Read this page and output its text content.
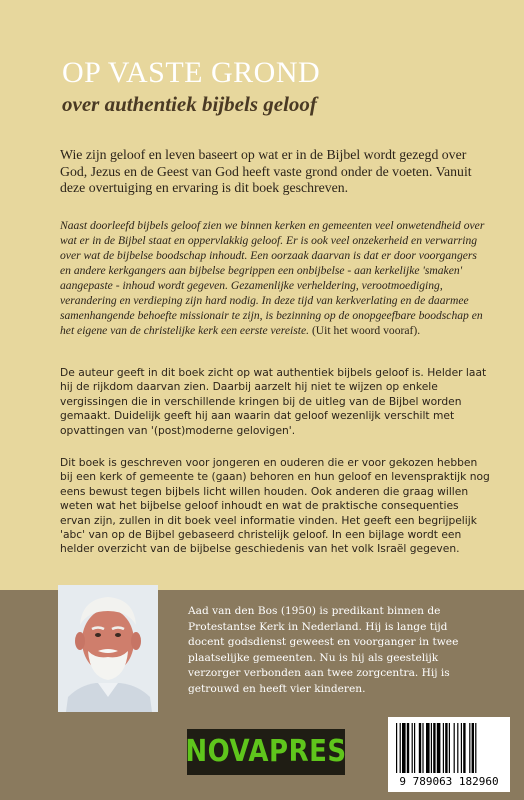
OP VASTE GROND
over authentiek bijbels geloof

Wie zijn geloof en leven baseert op wat er in de Bijbel wordt gezegd over God, Jezus en de Geest van God heeft vaste grond onder de voeten. Vanuit deze overtuiging en ervaring is dit boek geschreven.

Naast doorleefd bijbels geloof zien we binnen kerken en gemeenten veel onwetendheid over wat er in de Bijbel staat en oppervlakkig geloof. Er is ook veel onzekerheid en verwarring over wat de bijbelse boodschap inhoudt. Een oorzaak daarvan is dat er door voorgangers en andere kerkgangers aan bijbelse begrippen een onbijbelse - aan kerkelijke 'smaken' aangepaste - inhoud wordt gegeven. Gezamenlijke verheldering, verootmoediging, verandering en verdieping zijn hard nodig. In deze tijd van kerkverlating en de daarmee samenhangende behoefte missionair te zijn, is bezinning op de onopgeefbare boodschap en het eigene van de christelijke kerk een eerste vereiste. (Uit het woord vooraf).

De auteur geeft in dit boek zicht op wat authentiek bijbels geloof is. Helder laat hij de rijkdom daarvan zien. Daarbij aarzelt hij niet te wijzen op enkele vergissingen die in verschillende kringen bij de uitleg van de Bijbel worden gemaakt. Duidelijk geeft hij aan waarin dat geloof wezenlijk verschilt met opvattingen van '(post)moderne gelovigen'.

Dit boek is geschreven voor jongeren en ouderen die er voor gekozen hebben bij een kerk of gemeente te (gaan) behoren en hun geloof en levenspraktijk nog eens bewust tegen bijbels licht willen houden. Ook anderen die graag willen weten wat het bijbelse geloof inhoudt en wat de praktische consequenties ervan zijn, zullen in dit boek veel informatie vinden. Het geeft een begrijpelijk 'abc' van op de Bijbel gebaseerd christelijk geloof. In een bijlage wordt een helder overzicht van de bijbelse geschiedenis van het volk Israël gegeven.

Aad van den Bos (1950) is predikant binnen de Protestantse Kerk in Nederland. Hij is lange tijd docent godsdienst geweest en voorganger in twee plaatselijke gemeenten. Nu is hij als geestelijk verzorger verbonden aan twee zorgcentra. Hij is getrouwd en heeft vier kinderen.

NOVAPRES
9 789063 182960
